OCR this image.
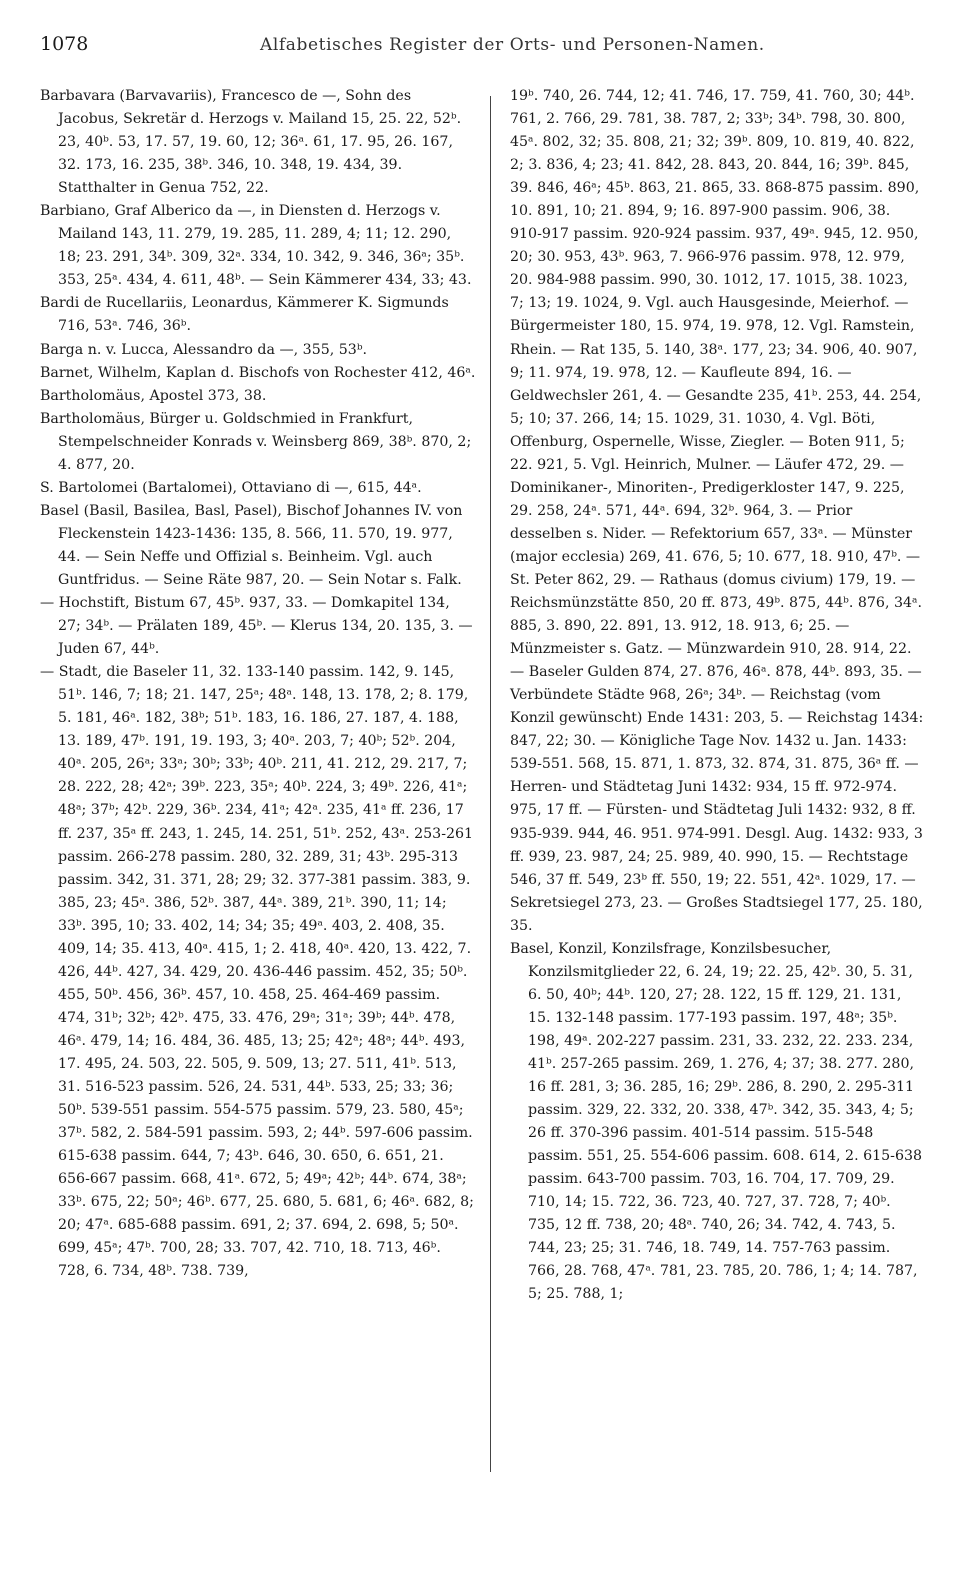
1078	Alfabetisches Register der Orts- und Personen-Namen.

Barbavara (Barvavariis), Francesco de —, Sohn des Jacobus, Sekretär d. Herzogs v. Mailand 15, 25. 22, 52ᵇ. 23, 40ᵇ. 53, 17. 57, 19. 60, 12; 36ᵃ. 61, 17. 95, 26. 167, 32. 173, 16. 235, 38ᵇ. 346, 10. 348, 19. 434, 39. Statthalter in Genua 752, 22.

Barbiano, Graf Alberico da —, in Diensten d. Herzogs v. Mailand 143, 11. 279, 19. 285, 11. 289, 4; 11; 12. 290, 18; 23. 291, 34ᵇ. 309, 32ᵃ. 334, 10. 342, 9. 346, 36ᵃ; 35ᵇ. 353, 25ᵃ. 434, 4. 611, 48ᵇ. — Sein Kämmerer 434, 33; 43.

Bardi de Rucellariis, Leonardus, Kämmerer K. Sigmunds 716, 53ᵃ. 746, 36ᵇ.

Barga n. v. Lucca, Alessandro da —, 355, 53ᵇ.

Barnet, Wilhelm, Kaplan d. Bischofs von Rochester 412, 46ᵃ.

Bartholomäus, Apostel 373, 38.

Bartholomäus, Bürger u. Goldschmied in Frankfurt, Stempelschneider Konrads v. Weinsberg 869, 38ᵇ. 870, 2; 4. 877, 20.

S. Bartolomei (Bartalomei), Ottaviano di —, 615, 44ᵃ.

Basel (Basil, Basilea, Basl, Pasel), Bischof Johannes IV. von Fleckenstein 1423-1436: 135, 8. 566, 11. 570, 19. 977, 44. — Sein Neffe und Offizial s. Beinheim. Vgl. auch Guntfridus. — Seine Räte 987, 20. — Sein Notar s. Falk.

— Hochstift, Bistum 67, 45ᵇ. 937, 33. — Domkapitel 134, 27; 34ᵇ. — Prälaten 189, 45ᵇ. — Klerus 134, 20. 135, 3. — Juden 67, 44ᵇ.

— Stadt, die Baseler 11, 32. 133-140 passim. 142, 9. 145, 51ᵇ. 146, 7; 18; 21. 147, 25ᵃ; 48ᵃ. 148, 13. 178, 2; 8. 179, 5. 181, 46ᵃ. 182, 38ᵇ; 51ᵇ. 183, 16. 186, 27. 187, 4. 188, 13. 189, 47ᵇ. 191, 19. 193, 3; 40ᵃ. 203, 7; 40ᵇ; 52ᵇ. 204, 40ᵃ. 205, 26ᵃ; 33ᵃ; 30ᵇ; 33ᵇ; 40ᵇ. 211, 41. 212, 29. 217, 7; 28. 222, 28; 42ᵃ; 39ᵇ. 223, 35ᵃ; 40ᵇ. 224, 3; 49ᵇ. 226, 41ᵃ; 48ᵃ; 37ᵇ; 42ᵇ. 229, 36ᵇ. 234, 41ᵃ; 42ᵃ. 235, 41ᵃ ff. 236, 17 ff. 237, 35ᵃ ff. 243, 1. 245, 14. 251, 51ᵇ. 252, 43ᵃ. 253-261 passim. 266-278 passim. 280, 32. 289, 31; 43ᵇ. 295-313 passim. 342, 31. 371, 28; 29; 32. 377-381 passim. 383, 9. 385, 23; 45ᵃ. 386, 52ᵇ. 387, 44ᵃ. 389, 21ᵇ. 390, 11; 14; 33ᵇ. 395, 10; 33. 402, 14; 34; 35; 49ᵃ. 403, 2. 408, 35. 409, 14; 35. 413, 40ᵃ. 415, 1; 2. 418, 40ᵃ. 420, 13. 422, 7. 426, 44ᵇ. 427, 34. 429, 20. 436-446 passim. 452, 35; 50ᵇ. 455, 50ᵇ. 456, 36ᵇ. 457, 10. 458, 25. 464-469 passim. 474, 31ᵇ; 32ᵇ; 42ᵇ. 475, 33. 476, 29ᵃ; 31ᵃ; 39ᵇ; 44ᵇ. 478, 46ᵃ. 479, 14; 16. 484, 36. 485, 13; 25; 42ᵃ; 48ᵃ; 44ᵇ. 493, 17. 495, 24. 503, 22. 505, 9. 509, 13; 27. 511, 41ᵇ. 513, 31. 516-523 passim. 526, 24. 531, 44ᵇ. 533, 25; 33; 36; 50ᵇ. 539-551 passim. 554-575 passim. 579, 23. 580, 45ᵃ; 37ᵇ. 582, 2. 584-591 passim. 593, 2; 44ᵇ. 597-606 passim. 615-638 passim. 644, 7; 43ᵇ. 646, 30. 650, 6. 651, 21. 656-667 passim. 668, 41ᵃ. 672, 5; 49ᵃ; 42ᵇ; 44ᵇ. 674, 38ᵃ; 33ᵇ. 675, 22; 50ᵃ; 46ᵇ. 677, 25. 680, 5. 681, 6; 46ᵃ. 682, 8; 20; 47ᵃ. 685-688 passim. 691, 2; 37. 694, 2. 698, 5; 50ᵃ. 699, 45ᵃ; 47ᵇ. 700, 28; 33. 707, 42. 710, 18. 713, 46ᵇ. 728, 6. 734, 48ᵇ. 738. 739,

19ᵇ. 740, 26. 744, 12; 41. 746, 17. 759, 41. 760, 30; 44ᵇ. 761, 2. 766, 29. 781, 38. 787, 2; 33ᵇ; 34ᵇ. 798, 30. 800, 45ᵃ. 802, 32; 35. 808, 21; 32; 39ᵇ. 809, 10. 819, 40. 822, 2; 3. 836, 4; 23; 41. 842, 28. 843, 20. 844, 16; 39ᵇ. 845, 39. 846, 46ᵃ; 45ᵇ. 863, 21. 865, 33. 868-875 passim. 890, 10. 891, 10; 21. 894, 9; 16. 897-900 passim. 906, 38. 910-917 passim. 920-924 passim. 937, 49ᵃ. 945, 12. 950, 20; 30. 953, 43ᵇ. 963, 7. 966-976 passim. 978, 12. 979, 20. 984-988 passim. 990, 30. 1012, 17. 1015, 38. 1023, 7; 13; 19. 1024, 9. Vgl. auch Hausgesinde, Meierhof. — Bürgermeister 180, 15. 974, 19. 978, 12. Vgl. Ramstein, Rhein. — Rat 135, 5. 140, 38ᵃ. 177, 23; 34. 906, 40. 907, 9; 11. 974, 19. 978, 12. — Kaufleute 894, 16. — Geldwechsler 261, 4. — Gesandte 235, 41ᵇ. 253, 44. 254, 5; 10; 37. 266, 14; 15. 1029, 31. 1030, 4. Vgl. Böti, Offenburg, Ospernelle, Wisse, Ziegler. — Boten 911, 5; 22. 921, 5. Vgl. Heinrich, Mulner. — Läufer 472, 29. — Dominikaner-, Minoriten-, Predigerkloster 147, 9. 225, 29. 258, 24ᵃ. 571, 44ᵃ. 694, 32ᵇ. 964, 3. — Prior desselben s. Nider. — Refektorium 657, 33ᵃ. — Münster (major ecclesia) 269, 41. 676, 5; 10. 677, 18. 910, 47ᵇ. — St. Peter 862, 29. — Rathaus (domus civium) 179, 19. — Reichsmünzstätte 850, 20 ff. 873, 49ᵇ. 875, 44ᵇ. 876, 34ᵃ. 885, 3. 890, 22. 891, 13. 912, 18. 913, 6; 25. — Münzmeister s. Gatz. — Münzwardein 910, 28. 914, 22. — Baseler Gulden 874, 27. 876, 46ᵃ. 878, 44ᵇ. 893, 35. — Verbündete Städte 968, 26ᵃ; 34ᵇ. — Reichstag (vom Konzil gewünscht) Ende 1431: 203, 5. — Reichstag 1434: 847, 22; 30. — Königliche Tage Nov. 1432 u. Jan. 1433: 539-551. 568, 15. 871, 1. 873, 32. 874, 31. 875, 36ᵃ ff. — Herren- und Städtetag Juni 1432: 934, 15 ff. 972-974. 975, 17 ff. — Fürsten- und Städtetag Juli 1432: 932, 8 ff. 935-939. 944, 46. 951. 974-991. Desgl. Aug. 1432: 933, 3 ff. 939, 23. 987, 24; 25. 989, 40. 990, 15. — Rechtstage 546, 37 ff. 549, 23ᵇ ff. 550, 19; 22. 551, 42ᵃ. 1029, 17. — Sekretsiegel 273, 23. — Großes Stadtsiegel 177, 25. 180, 35.

Basel, Konzil, Konzilsfrage, Konzilsbesucher, Konzilsmitglieder 22, 6. 24, 19; 22. 25, 42ᵇ. 30, 5. 31, 6. 50, 40ᵇ; 44ᵇ. 120, 27; 28. 122, 15 ff. 129, 21. 131, 15. 132-148 passim. 177-193 passim. 197, 48ᵃ; 35ᵇ. 198, 49ᵃ. 202-227 passim. 231, 33. 232, 22. 233. 234, 41ᵇ. 257-265 passim. 269, 1. 276, 4; 37; 38. 277. 280, 16 ff. 281, 3; 36. 285, 16; 29ᵇ. 286, 8. 290, 2. 295-311 passim. 329, 22. 332, 20. 338, 47ᵇ. 342, 35. 343, 4; 5; 26 ff. 370-396 passim. 401-514 passim. 515-548 passim. 551, 25. 554-606 passim. 608. 614, 2. 615-638 passim. 643-700 passim. 703, 16. 704, 17. 709, 29. 710, 14; 15. 722, 36. 723, 40. 727, 37. 728, 7; 40ᵇ. 735, 12 ff. 738, 20; 48ᵃ. 740, 26; 34. 742, 4. 743, 5. 744, 23; 25; 31. 746, 18. 749, 14. 757-763 passim. 766, 28. 768, 47ᵃ. 781, 23. 785, 20. 786, 1; 4; 14. 787, 5; 25. 788, 1;
